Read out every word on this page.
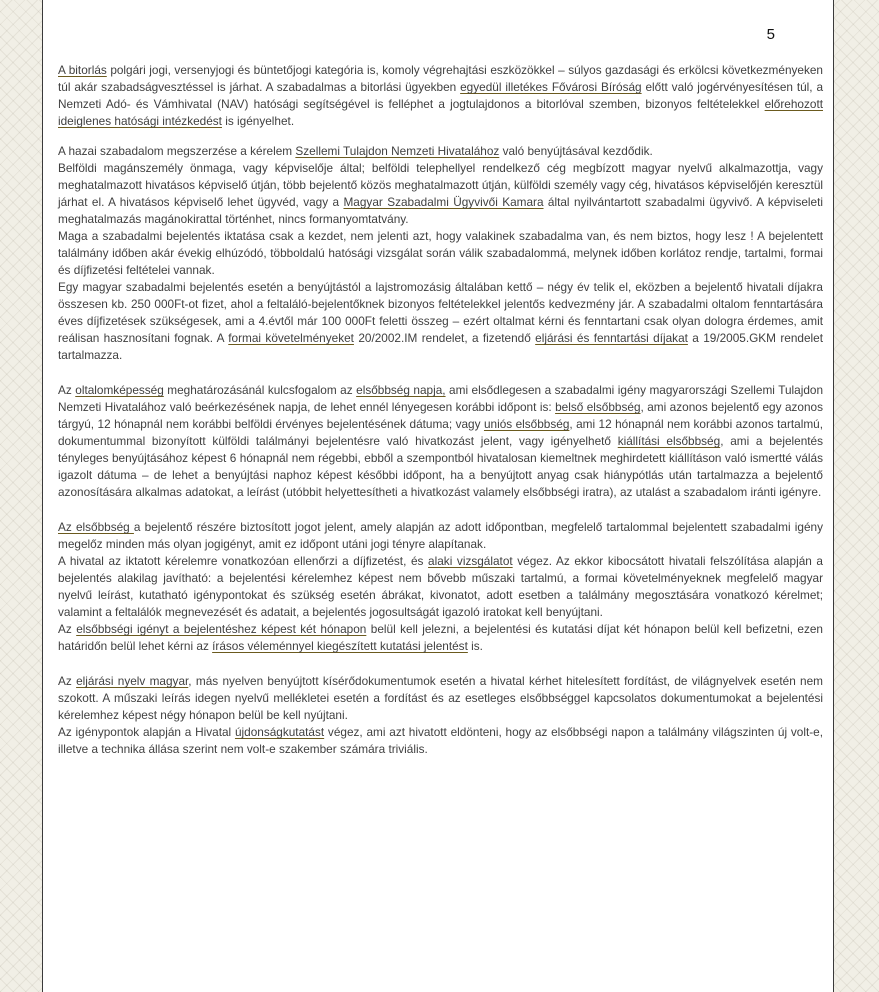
5

A bitorlás polgári jogi, versenyjogi és büntetőjogi kategória is, komoly végrehajtási eszközökkel – súlyos gazdasági és erkölcsi következményeken túl akár szabadságvesztéssel is járhat. A szabadalmas a bitorlási ügyekben egyedül illetékes Fővárosi Bíróság előtt való jogérvényesítésen túl, a Nemzeti Adó- és Vámhivatal (NAV) hatósági segítségével is felléphet a jogtulajdonos a bitorlóval szemben, bizonyos feltételekkel előrehozott ideiglenes hatósági intézkedést is igényelhet.

A hazai szabadalom megszerzése a kérelem Szellemi Tulajdon Nemzeti Hivatalához való benyújtásával kezdődik.

Belföldi magánszemély önmaga, vagy képviselője által; belföldi telephellyel rendelkező cég megbízott magyar nyelvű alkalmazottja, vagy meghatalmazott hivatásos képviselő útján, több bejelentő közös meghatalmazott útján, külföldi személy vagy cég, hivatásos képviselőjén keresztül járhat el. A hivatásos képviselő lehet ügyvéd, vagy a Magyar Szabadalmi Ügyvivői Kamara által nyilvántartott szabadalmi ügyvivő. A képviseleti meghatalmazás magánokirattal történhet, nincs formanyomtatvány.

Maga a szabadalmi bejelentés iktatása csak a kezdet, nem jelenti azt, hogy valakinek szabadalma van, és nem biztos, hogy lesz ! A bejelentett találmány időben akár évekig elhúzódó, többoldalú hatósági vizsgálat során válik szabadalommá, melynek időben korlátoz rendje, tartalmi, formai és díjfizetési feltételei vannak.

Egy magyar szabadalmi bejelentés esetén a benyújtástól a lajstromozásig általában kettő – négy év telik el, eközben a bejelentő hivatali díjakra összesen kb. 250 000Ft-ot fizet, ahol a feltaláló-bejelentőknek bizonyos feltételekkel jelentős kedvezmény jár. A szabadalmi oltalom fenntartására éves díjfizetések szükségesek, ami a 4.évtől már 100 000Ft feletti összeg – ezért oltalmat kérni és fenntartani csak olyan dologra érdemes, amit reálisan hasznosítani fognak. A formai követelményeket 20/2002.IM rendelet, a fizetendő eljárási és fenntartási díjakat a 19/2005.GKM rendelet tartalmazza.

Az oltalomképesség meghatározásánál kulcsfogalom az elsőbbség napja, ami elsődlegesen a szabadalmi igény magyarországi Szellemi Tulajdon Nemzeti Hivatalához való beérkezésének napja, de lehet ennél lényegesen korábbi időpont is: belső elsőbbség, ami azonos bejelentő egy azonos tárgyú, 12 hónapnál nem korábbi belföldi érvényes bejelentésének dátuma; vagy uniós elsőbbség, ami 12 hónapnál nem korábbi azonos tartalmú, dokumentummal bizonyított külföldi találmányi bejelentésre való hivatkozást jelent, vagy igényelhető kiállítási elsőbbség, ami a bejelentés tényleges benyújtásához képest 6 hónapnál nem régebbi, ebből a szempontból hivatalosan kiemeltnek meghirdetett kiállításon való ismertté válás igazolt dátuma – de lehet a benyújtási naphoz képest későbbi időpont, ha a benyújtott anyag csak hiánypótlás után tartalmazza a bejelentő azonosítására alkalmas adatokat, a leírást (utóbbit helyettesítheti a hivatkozást valamely elsőbbségi iratra), az utalást a szabadalom iránti igényre.

Az elsőbbség a bejelentő részére biztosított jogot jelent, amely alapján az adott időpontban, megfelelő tartalommal bejelentett szabadalmi igény megelőz minden más olyan jogigényt, amit ez időpont utáni jogi tényre alapítanak.

A hivatal az iktatott kérelemre vonatkozóan ellenőrzi a díjfizetést, és alaki vizsgálatot végez. Az ekkor kibocsátott hivatali felszólítása alapján a bejelentés alakilag javítható: a bejelentési kérelemhez képest nem bővebb műszaki tartalmú, a formai követelményeknek megfelelő magyar nyelvű leírást, kutatható igénypontokat és szükség esetén ábrákat, kivonatot, adott esetben a találmány megosztására vonatkozó kérelmet; valamint a feltalálók megnevezését és adatait, a bejelentés jogosultságát igazoló iratokat kell benyújtani.

Az elsőbbségi igényt a bejelentéshez képest két hónapon belül kell jelezni, a bejelentési és kutatási díjat két hónapon belül kell befizetni, ezen határidőn belül lehet kérni az írásos véleménnyel kiegészített kutatási jelentést is.

Az eljárási nyelv magyar, más nyelven benyújtott kísérődokumentumok esetén a hivatal kérhet hitelesített fordítást, de világnyelvek esetén nem szokott. A műszaki leírás idegen nyelvű mellékletei esetén a fordítást és az esetleges elsőbbséggel kapcsolatos dokumentumokat a bejelentési kérelemhez képest négy hónapon belül be kell nyújtani.

Az igénypontok alapján a Hivatal újdonságkutatást végez, ami azt hivatott eldönteni, hogy az elsőbbségi napon a találmány világszinten új volt-e, illetve a technika állása szerint nem volt-e szakember számára triviális.
